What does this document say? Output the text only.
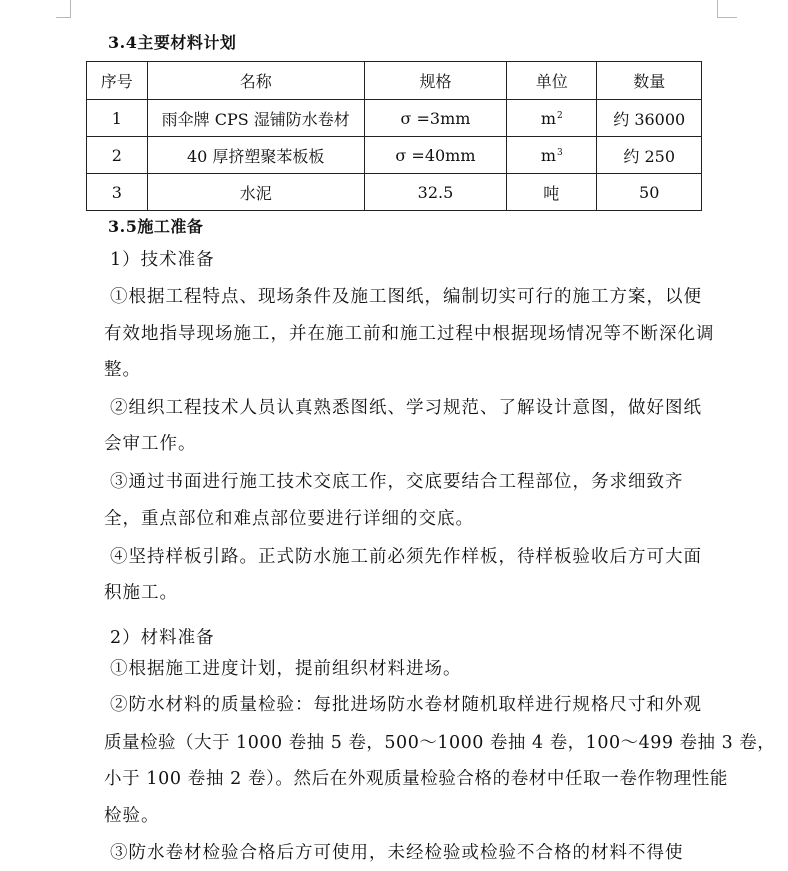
3.4主要材料计划
序号	名称	规格	单位	数量
1	雨伞牌 CPS 湿铺防水卷材	σ =3mm	$m^2$	约 36000
2	40 厚挤塑聚苯板板	σ =40mm	$m^3$	约 250
3	水泥	32.5	吨	50
3.5施工准备
1）技术准备
①根据工程特点、现场条件及施工图纸，编制切实可行的施工方案，以便
有效地指导现场施工，并在施工前和施工过程中根据现场情况等不断深化调
整。
②组织工程技术人员认真熟悉图纸、学习规范、了解设计意图，做好图纸
会审工作。
③通过书面进行施工技术交底工作，交底要结合工程部位，务求细致齐
全，重点部位和难点部位要进行详细的交底。
④坚持样板引路。正式防水施工前必须先作样板，待样板验收后方可大面
积施工。
2）材料准备
①根据施工进度计划，提前组织材料进场。
②防水材料的质量检验：每批进场防水卷材随机取样进行规格尺寸和外观
质量检验（大于 1000 卷抽 5 卷，500～1000 卷抽 4 卷，100～499 卷抽 3 卷，
小于 100 卷抽 2 卷）。然后在外观质量检验合格的卷材中任取一卷作物理性能
检验。
③防水卷材检验合格后方可使用，未经检验或检验不合格的材料不得使
